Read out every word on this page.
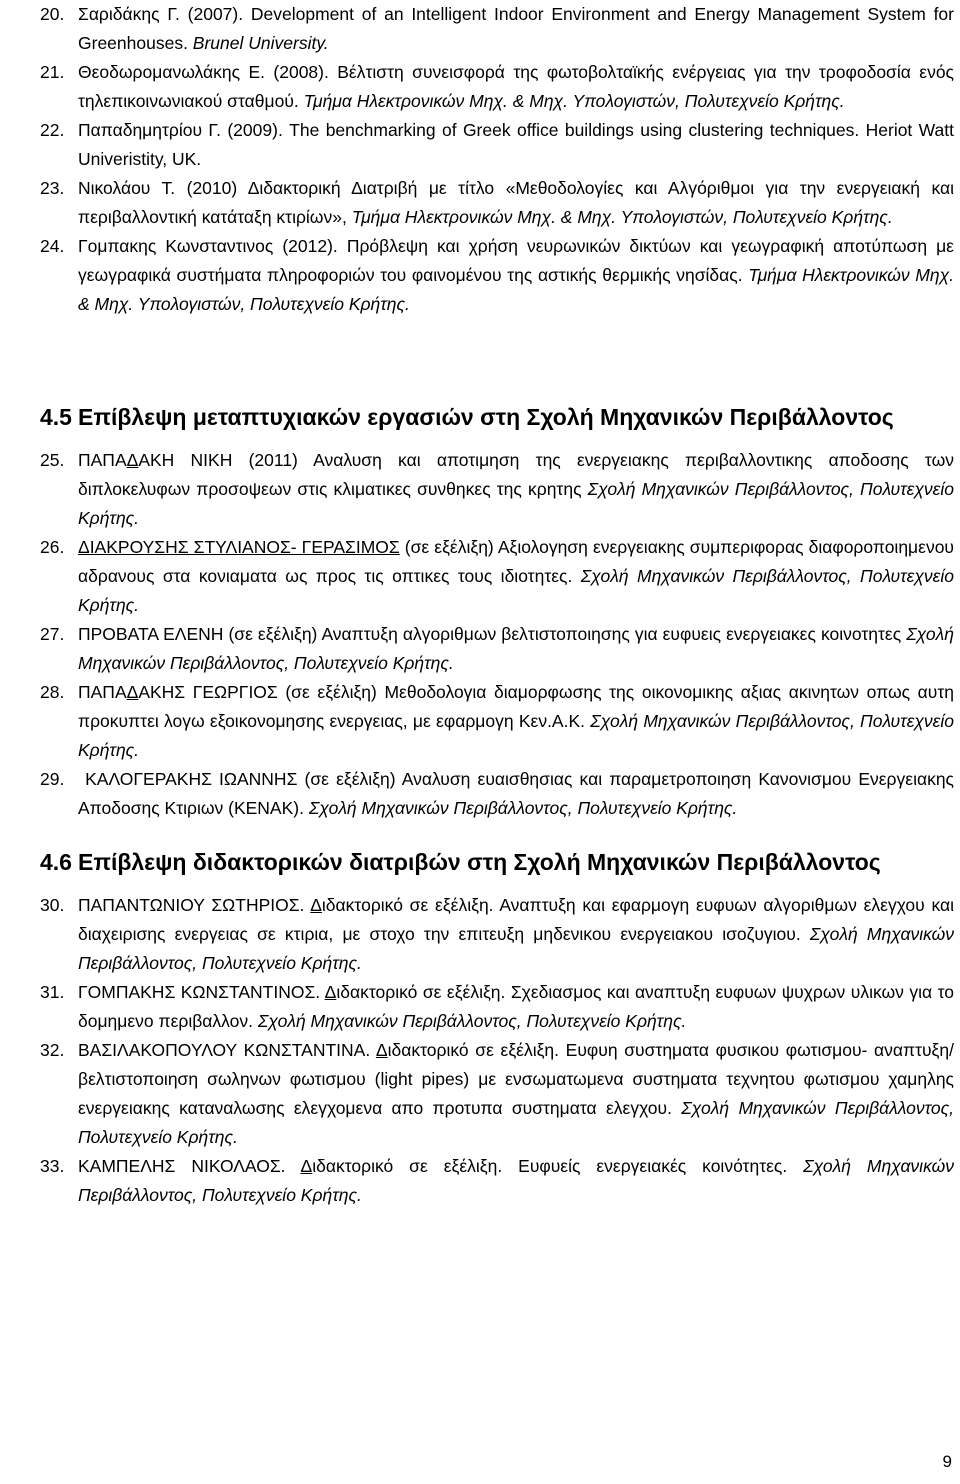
20. Σαριδάκης Γ. (2007). Development of an Intelligent Indoor Environment and Energy Management System for Greenhouses. Brunel University.

21. Θεοδωρομανωλάκης Ε. (2008). Βέλτιστη συνεισφορά της φωτοβολταϊκής ενέργειας για την τροφοδοσία ενός τηλεπικοινωνιακού σταθμού. Τμήμα Ηλεκτρονικών Μηχ. & Μηχ. Υπολογιστών, Πολυτεχνείο Κρήτης.

22. Παπαδημητρίου Γ. (2009). The benchmarking of Greek office buildings using clustering techniques. Heriot Watt Univeristity, UK.

23. Νικολάου Τ. (2010) Διδακτορική Διατριβή με τίτλο «Μεθοδολογίες και Αλγόριθμοι για την ενεργειακή και περιβαλλοντική κατάταξη κτιρίων», Τμήμα Ηλεκτρονικών Μηχ. & Μηχ. Υπολογιστών, Πολυτεχνείο Κρήτης.

24. Γομπακης Κωνσταντινος (2012). Πρόβλεψη και χρήση νευρωνικών δικτύων και γεωγραφική αποτύπωση με γεωγραφικά συστήματα πληροφοριών του φαινομένου της αστικής θερμικής νησίδας. Τμήμα Ηλεκτρονικών Μηχ. & Μηχ. Υπολογιστών, Πολυτεχνείο Κρήτης.

4.5 Επίβλεψη μεταπτυχιακών εργασιών στη Σχολή Μηχανικών Περιβάλλοντος

25. ΠΑΠΑΔΑΚΗ ΝΙΚΗ (2011) Αναλυση και αποτιμηση της ενεργειακης περιβαλλοντικης αποδοσης των διπλοκελυφων προσοψεων στις κλιματικες συνθηκες της κρητης Σχολή Μηχανικών Περιβάλλοντος, Πολυτεχνείο Κρήτης.

26. ΔΙΑΚΡΟΥΣΗΣ ΣΤΥΛΙΑΝΟΣ- ΓΕΡΑΣΙΜΟΣ (σε εξέλιξη) Αξιολογηση ενεργειακης συμπεριφορας διαφοροποιημενου αδρανους στα κονιαματα ως προς τις οπτικες τους ιδιοτητες. Σχολή Μηχανικών Περιβάλλοντος, Πολυτεχνείο Κρήτης.

27. ΠΡΟΒΑΤΑ ΕΛΕΝΗ (σε εξέλιξη) Αναπτυξη αλγοριθμων βελτιστοποιησης για ευφυεις ενεργειακες κοινοτητες Σχολή Μηχανικών Περιβάλλοντος, Πολυτεχνείο Κρήτης.

28. ΠΑΠΑΔΑΚΗΣ ΓΕΩΡΓΙΟΣ (σε εξέλιξη) Μεθοδολογια διαμορφωσης της οικονομικης αξιας ακινητων οπως αυτη προκυπτει λογω εξοικονομησης ενεργειας, με εφαρμογη Κεν.Α.Κ. Σχολή Μηχανικών Περιβάλλοντος, Πολυτεχνείο Κρήτης.

29. ΚΑΛΟΓΕΡΑΚΗΣ ΙΩΑΝΝΗΣ (σε εξέλιξη) Αναλυση ευαισθησιας και παραμετροποιηση Κανονισμου Ενεργειακης Αποδοσης Κτιριων (ΚΕΝΑΚ). Σχολή Μηχανικών Περιβάλλοντος, Πολυτεχνείο Κρήτης.

4.6 Επίβλεψη διδακτορικών διατριβών στη Σχολή Μηχανικών Περιβάλλοντος

30. ΠΑΠΑΝΤΩΝΙΟΥ ΣΩΤΗΡΙΟΣ. Διδακτορικό σε εξέλιξη. Αναπτυξη και εφαρμογη ευφυων αλγοριθμων ελεγχου και διαχειρισης ενεργειας σε κτιρια, με στοχο την επιτευξη μηδενικου ενεργειακου ισοζυγιου. Σχολή Μηχανικών Περιβάλλοντος, Πολυτεχνείο Κρήτης.

31. ΓΟΜΠΑΚΗΣ ΚΩΝΣΤΑΝΤΙΝΟΣ. Διδακτορικό σε εξέλιξη. Σχεδιασμος και αναπτυξη ευφυων ψυχρων υλικων για το δομημενο περιβαλλον. Σχολή Μηχανικών Περιβάλλοντος, Πολυτεχνείο Κρήτης.

32. ΒΑΣΙΛΑΚΟΠΟΥΛΟΥ ΚΩΝΣΤΑΝΤΙΝΑ. Διδακτορικό σε εξέλιξη. Ευφυη συστηματα φυσικου φωτισμου- αναπτυξη/βελτιστοποιηση σωληνων φωτισμου (light pipes) με ενσωματωμενα συστηματα τεχνητου φωτισμου χαμηλης ενεργειακης καταναλωσης ελεγχομενα απο προτυπα συστηματα ελεγχου. Σχολή Μηχανικών Περιβάλλοντος, Πολυτεχνείο Κρήτης.

33. ΚΑΜΠΕΛΗΣ ΝΙΚΟΛΑΟΣ. Διδακτορικό σε εξέλιξη. Ευφυείς ενεργειακές κοινότητες. Σχολή Μηχανικών Περιβάλλοντος, Πολυτεχνείο Κρήτης.

9
